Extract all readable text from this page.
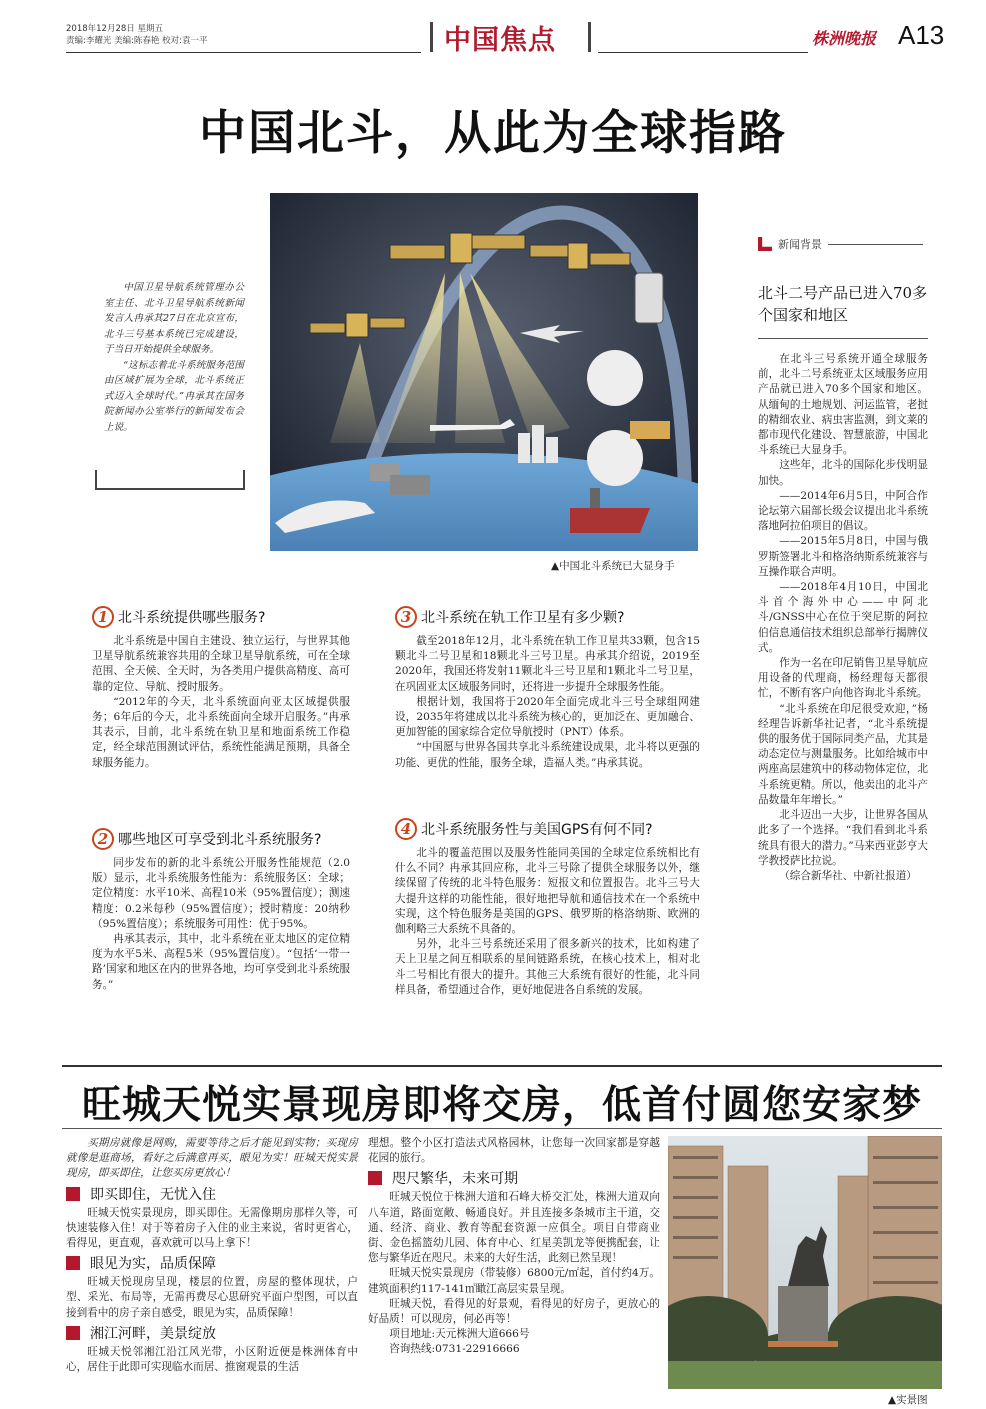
2018年12月28日 星期五
责编:李耀光 美编:陈春艳 校对:袁一平	中国焦点	株洲晚报 A13
中国北斗，从此为全球指路

中国卫星导航系统管理办公室主任、北斗卫星导航系统新闻发言人冉承其27日在北京宣布，北斗三号基本系统已完成建设，于当日开始提供全球服务。

“这标志着北斗系统服务范围由区域扩展为全球，北斗系统正式迈入全球时代。”冉承其在国务院新闻办公室举行的新闻发布会上说。

▲中国北斗系统已大显身手
新闻背景
北斗二号产品已进入70多个国家和地区

在北斗三号系统开通全球服务前，北斗二号系统亚太区域服务应用产品就已进入70多个国家和地区。从缅甸的土地规划、河运监管，老挝的精细农业、病虫害监测，到文莱的都市现代化建设、智慧旅游，中国北斗系统已大显身手。

这些年，北斗的国际化步伐明显加快。

——2014年6月5日，中阿合作论坛第六届部长级会议提出北斗系统落地阿拉伯项目的倡议。

——2015年5月8日，中国与俄罗斯签署北斗和格洛纳斯系统兼容与互操作联合声明。

——2018年4月10日，中国北斗首个海外中心——中阿北斗/GNSS中心在位于突尼斯的阿拉伯信息通信技术组织总部举行揭牌仪式。

作为一名在印尼销售卫星导航应用设备的代理商，杨经理每天都很忙，不断有客户向他咨询北斗系统。

“北斗系统在印尼很受欢迎，”杨经理告诉新华社记者，“北斗系统提供的服务优于国际同类产品，尤其是动态定位与测量服务。比如给城市中两座高层建筑中的移动物体定位，北斗系统更精。所以，他卖出的北斗产品数量年年增长。”

北斗迈出一大步，让世界各国从此多了一个选择。“我们看到北斗系统具有很大的潜力。”马来西亚彭亨大学教授萨比拉说。

（综合新华社、中新社报道）

1 北斗系统提供哪些服务?

北斗系统是中国自主建设、独立运行，与世界其他卫星导航系统兼容共用的全球卫星导航系统，可在全球范围、全天候、全天时，为各类用户提供高精度、高可靠的定位、导航、授时服务。

“2012年的今天，北斗系统面向亚太区域提供服务；6年后的今天，北斗系统面向全球开启服务。”冉承其表示，目前，北斗系统在轨卫星和地面系统工作稳定，经全球范围测试评估，系统性能满足预期，具备全球服务能力。

2 哪些地区可享受到北斗系统服务?

同步发布的新的北斗系统公开服务性能规范（2.0版）显示，北斗系统服务性能为：系统服务区：全球；定位精度：水平10米、高程10米（95%置信度）；测速精度：0.2米每秒（95%置信度）；授时精度：20纳秒（95%置信度）；系统服务可用性：优于95%。

冉承其表示，其中，北斗系统在亚太地区的定位精度为水平5米、高程5米（95%置信度）。“包括‘一带一路’国家和地区在内的世界各地，均可享受到北斗系统服务。”

3 北斗系统在轨工作卫星有多少颗?

截至2018年12月，北斗系统在轨工作卫星共33颗，包含15颗北斗二号卫星和18颗北斗三号卫星。冉承其介绍说，2019至2020年，我国还将发射11颗北斗三号卫星和1颗北斗二号卫星，在巩固亚太区域服务同时，还将进一步提升全球服务性能。

根据计划，我国将于2020年全面完成北斗三号全球组网建设，2035年将建成以北斗系统为核心的，更加泛在、更加融合、更加智能的国家综合定位导航授时（PNT）体系。

“中国愿与世界各国共享北斗系统建设成果，北斗将以更强的功能、更优的性能，服务全球，造福人类。”冉承其说。

4 北斗系统服务性与美国GPS有何不同?

北斗的覆盖范围以及服务性能同美国的全球定位系统相比有什么不同？冉承其回应称，北斗三号除了提供全球服务以外，继续保留了传统的北斗特色服务：短报文和位置报告。北斗三号大大提升这样的功能性能，很好地把导航和通信技术在一个系统中实现，这个特色服务是美国的GPS、俄罗斯的格洛纳斯、欧洲的伽利略三大系统不具备的。

另外，北斗三号系统还采用了很多新兴的技术，比如构建了天上卫星之间互相联系的星间链路系统，在核心技术上，相对北斗二号相比有很大的提升。其他三大系统有很好的性能，北斗同样具备，希望通过合作，更好地促进各自系统的发展。

旺城天悦实景现房即将交房，低首付圆您安家梦

买期房就像是网购，需要等待之后才能见到实物；买现房就像是逛商场，看好之后满意再买，眼见为实！旺城天悦实景现房，即买即住，让您买房更放心！

即买即住，无忧入住

旺城天悦实景现房，即买即住。无需像期房那样久等，可快速装修入住！对于等着房子入住的业主来说，省时更省心，看得见，更直观，喜欢就可以马上拿下！

眼见为实，品质保障

旺城天悦现房呈现，楼层的位置，房屋的整体现状，户型、采光、布局等，无需再费尽心思研究平面户型图，可以直接到看中的房子亲自感受，眼见为实，品质保障！

湘江河畔，美景绽放

旺城天悦邻湘江沿江风光带，小区附近便是株洲体育中心，居住于此即可实现临水而居、推窗观景的生活

理想。整个小区打造法式风格园林，让您每一次回家都是穿越花园的旅行。

咫尺繁华，未来可期

旺城天悦位于株洲大道和石峰大桥交汇处，株洲大道双向八车道，路面宽敞、畅通良好。并且连接多条城市主干道，交通、经济、商业、教育等配套资源一应俱全。项目自带商业街、金色摇篮幼儿园、体育中心、红星美凯龙等便携配套，让您与繁华近在咫尺。未来的大好生活，此刻已然呈现！

旺城天悦实景现房（带装修）6800元/㎡起，首付约4万。建筑面积约117-141㎡瞰江高层实景呈现。

旺城天悦，看得见的好景观，看得见的好房子，更放心的好品质！可以现房，何必再等！

项目地址:天元株洲大道666号

咨询热线:0731-22916666

▲实景图
